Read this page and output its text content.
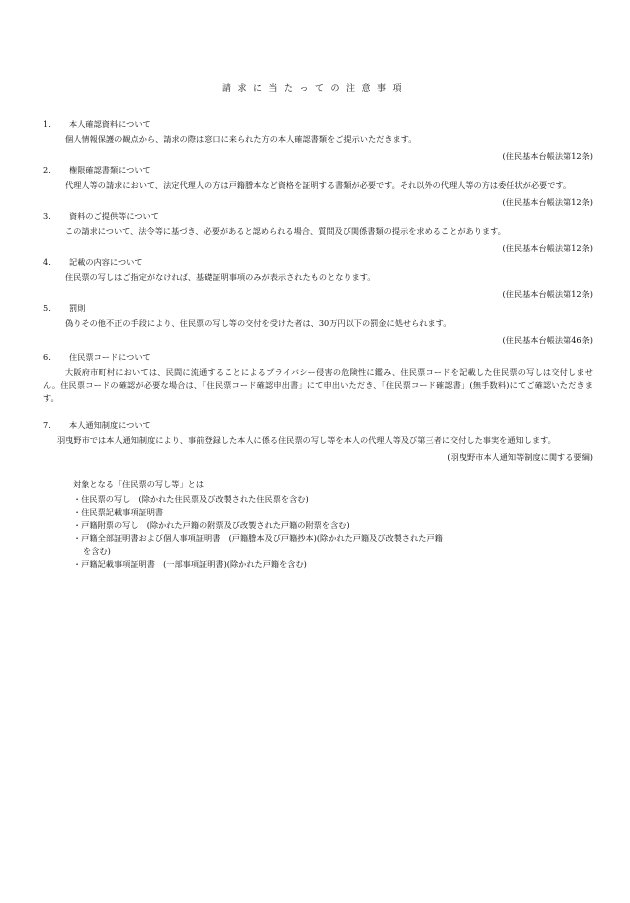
請求に当たっての注意事項
1.	本人確認資料について

個人情報保護の観点から、請求の際は窓口に来られた方の本人確認書類をご提示いただきます。

(住民基本台帳法第12条)
2.	権限確認書類について

代理人等の請求において、法定代理人の方は戸籍謄本など資格を証明する書類が必要です。それ以外の代理人等の方は委任状が必要です。

(住民基本台帳法第12条)
3.	資料のご提供等について

この請求について、法令等に基づき、必要があると認められる場合、質問及び関係書類の提示を求めることがあります。

(住民基本台帳法第12条)
4.	記載の内容について

住民票の写しはご指定がなければ、基礎証明事項のみが表示されたものとなります。

(住民基本台帳法第12条)
5.	罰則

偽りその他不正の手段により、住民票の写し等の交付を受けた者は、30万円以下の罰金に処せられます。

(住民基本台帳法第46条)
6.	住民票コードについて

大阪府市町村においては、民間に流通することによるプライバシー侵害の危険性に鑑み、住民票コードを記載した住民票の写しは交付しません。住民票コードの確認が必要な場合は、「住民票コード確認申出書」にて申出いただき、「住民票コード確認書」(無手数料)にてご確認いただきます。

7.	本人通知制度について

羽曳野市では本人通知制度により、事前登録した本人に係る住民票の写し等を本人の代理人等及び第三者に交付した事実を通知します。

(羽曳野市本人通知等制度に関する要綱)
対象となる「住民票の写し等」とは
・住民票の写し　(除かれた住民票及び改製された住民票を含む)
・住民票記載事項証明書
・戸籍附票の写し　(除かれた戸籍の附票及び改製された戸籍の附票を含む)
・戸籍全部証明書および個人事項証明書　(戸籍謄本及び戸籍抄本)(除かれた戸籍及び改製された戸籍
を含む)
・戸籍記載事項証明書　(一部事項証明書)(除かれた戸籍を含む)
